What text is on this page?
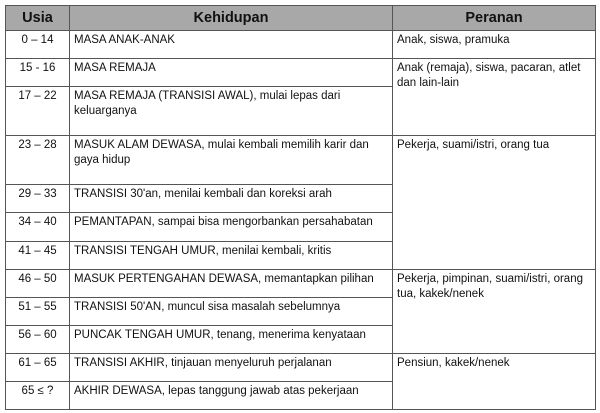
Usia	Kehidupan	Peranan
0 – 14	MASA ANAK-ANAK	Anak, siswa, pramuka
15 - 16	MASA REMAJA	Anak (remaja), siswa, pacaran, atlet dan lain-lain
17 – 22	MASA REMAJA (TRANSISI AWAL), mulai lepas dari keluarganya	
23 – 28	MASUK ALAM DEWASA, mulai kembali memilih karir dan gaya hidup	Pekerja, suami/istri, orang tua
29 – 33	TRANSISI 30'an, menilai kembali dan koreksi arah	
34 – 40	PEMANTAPAN, sampai bisa mengorbankan persahabatan	
41 – 45	TRANSISI TENGAH UMUR, menilai kembali, kritis	
46 – 50	MASUK PERTENGAHAN DEWASA, memantapkan pilihan	Pekerja, pimpinan, suami/istri, orang tua, kakek/nenek
51 – 55	TRANSISI 50'AN, muncul sisa masalah sebelumnya	
56 – 60	PUNCAK TENGAH UMUR, tenang, menerima kenyataan	
61 – 65	TRANSISI AKHIR, tinjauan menyeluruh perjalanan	Pensiun, kakek/nenek
65 ≤ ?	AKHIR DEWASA, lepas tanggung jawab atas pekerjaan	
